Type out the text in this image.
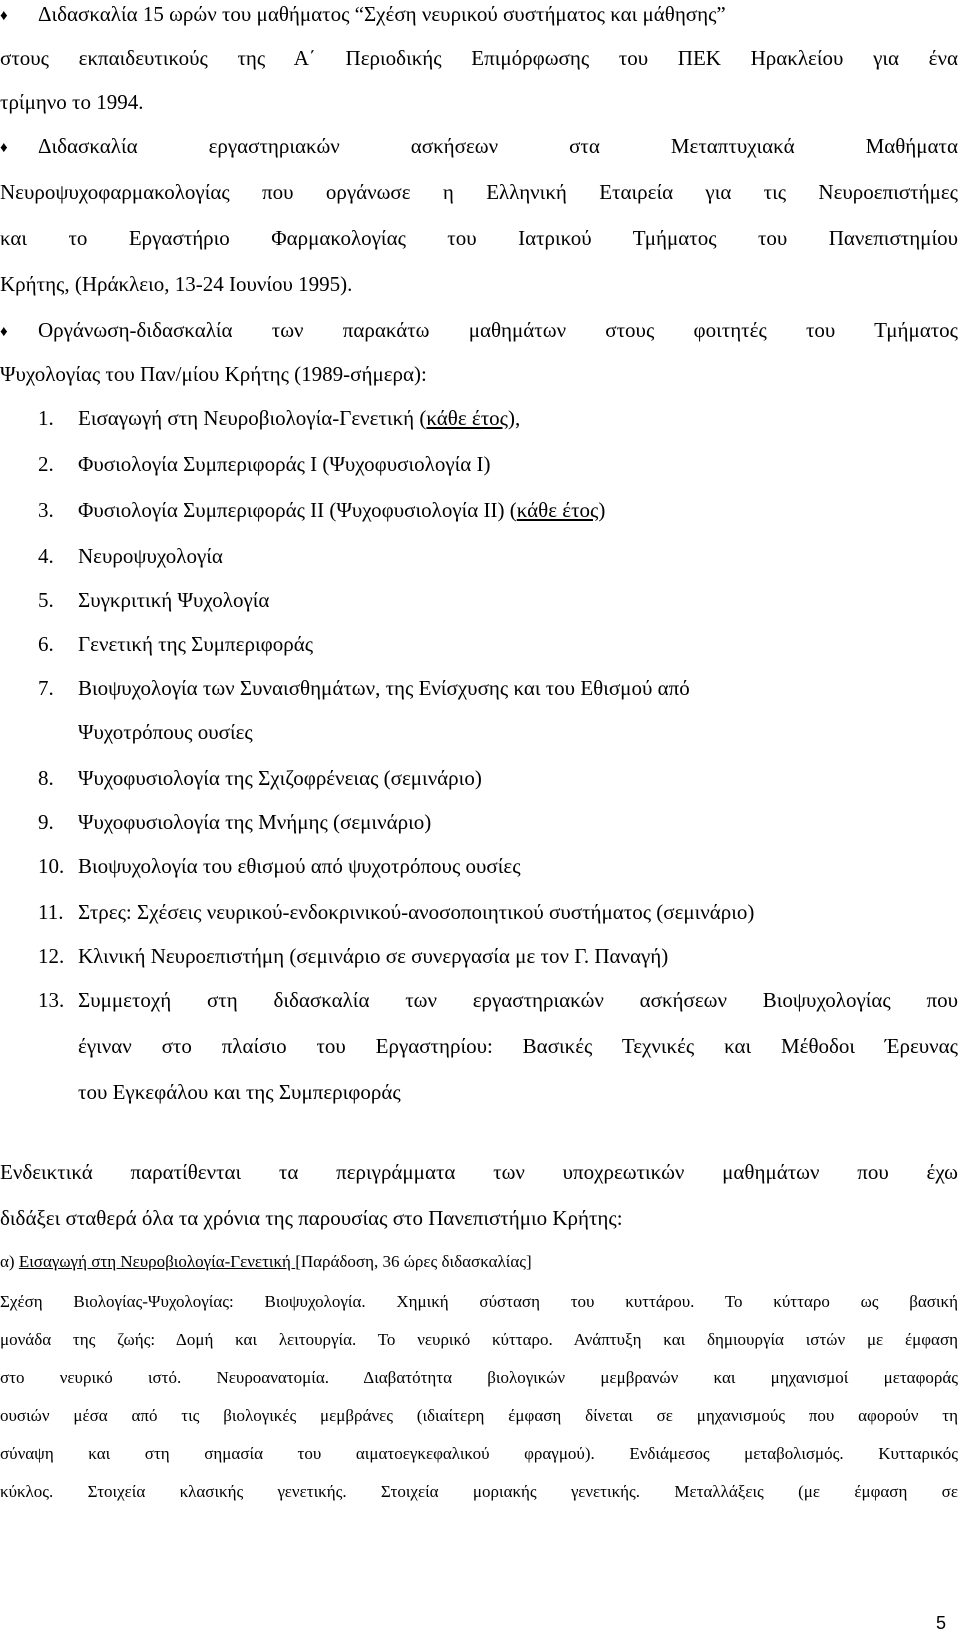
♦ Διδασκαλία 15 ωρών του μαθήματος “Σχέση νευρικού συστήματος και μάθησης”
στους εκπαιδευτικούς της Α΄ Περιοδικής Επιμόρφωσης του ΠΕΚ Ηρακλείου για ένα
τρίμηνο το 1994.
♦ Διδασκαλία εργαστηριακών ασκήσεων στα Μεταπτυχιακά Μαθήματα
Νευροψυχοφαρμακολογίας που οργάνωσε η Ελληνική Εταιρεία για τις Νευροεπιστήμες
και το Εργαστήριο Φαρμακολογίας του Ιατρικού Τμήματος του Πανεπιστημίου
Κρήτης, (Ηράκλειο, 13-24 Ιουνίου 1995).
♦ Οργάνωση-διδασκαλία των παρακάτω μαθημάτων στους φοιτητές του Τμήματος
Ψυχολογίας του Παν/μίου Κρήτης (1989-σήμερα):
1. Εισαγωγή στη Νευροβιολογία-Γενετική (κάθε έτος),
2. Φυσιολογία Συμπεριφοράς Ι (Ψυχοφυσιολογία Ι)
3. Φυσιολογία Συμπεριφοράς ΙΙ (Ψυχοφυσιολογία ΙΙ) (κάθε έτος)
4. Νευροψυχολογία
5. Συγκριτική Ψυχολογία
6. Γενετική της Συμπεριφοράς
7. Βιοψυχολογία των Συναισθημάτων, της Ενίσχυσης και του Εθισμού από
Ψυχοτρόπους ουσίες
8. Ψυχοφυσιολογία της Σχιζοφρένειας (σεμινάριο)
9. Ψυχοφυσιολογία της Μνήμης (σεμινάριο)
10. Βιοψυχολογία του εθισμού από ψυχοτρόπους ουσίες
11. Στρες: Σχέσεις νευρικού-ενδοκρινικού-ανοσοποιητικού συστήματος (σεμινάριο)
12. Κλινική Νευροεπιστήμη (σεμινάριο σε συνεργασία με τον Γ. Παναγή)
13. Συμμετοχή στη διδασκαλία των εργαστηριακών ασκήσεων Βιοψυχολογίας που
έγιναν στο πλαίσιο του Εργαστηρίου: Βασικές Τεχνικές και Μέθοδοι Έρευνας
του Εγκεφάλου και της Συμπεριφοράς
Ενδεικτικά παρατίθενται τα περιγράμματα των υποχρεωτικών μαθημάτων που έχω
διδάξει σταθερά όλα τα χρόνια της παρουσίας στο Πανεπιστήμιο Κρήτης:
α) Εισαγωγή στη Νευροβιολογία-Γενετική [Παράδοση, 36 ώρες διδασκαλίας]
Σχέση Βιολογίας-Ψυχολογίας: Βιοψυχολογία. Χημική σύσταση του κυττάρου. Το κύτταρο ως βασική
μονάδα της ζωής: Δομή και λειτουργία. Το νευρικό κύτταρο. Ανάπτυξη και δημιουργία ιστών με έμφαση
στο νευρικό ιστό. Νευροανατομία. Διαβατότητα βιολογικών μεμβρανών και μηχανισμοί μεταφοράς
ουσιών μέσα από τις βιολογικές μεμβράνες (ιδιαίτερη έμφαση δίνεται σε μηχανισμούς που αφορούν τη
σύναψη και στη σημασία του αιματοεγκεφαλικού φραγμού). Ενδιάμεσος μεταβολισμός. Κυτταρικός
κύκλος. Στοιχεία κλασικής γενετικής. Στοιχεία μοριακής γενετικής. Μεταλλάξεις (με έμφαση σε
5
